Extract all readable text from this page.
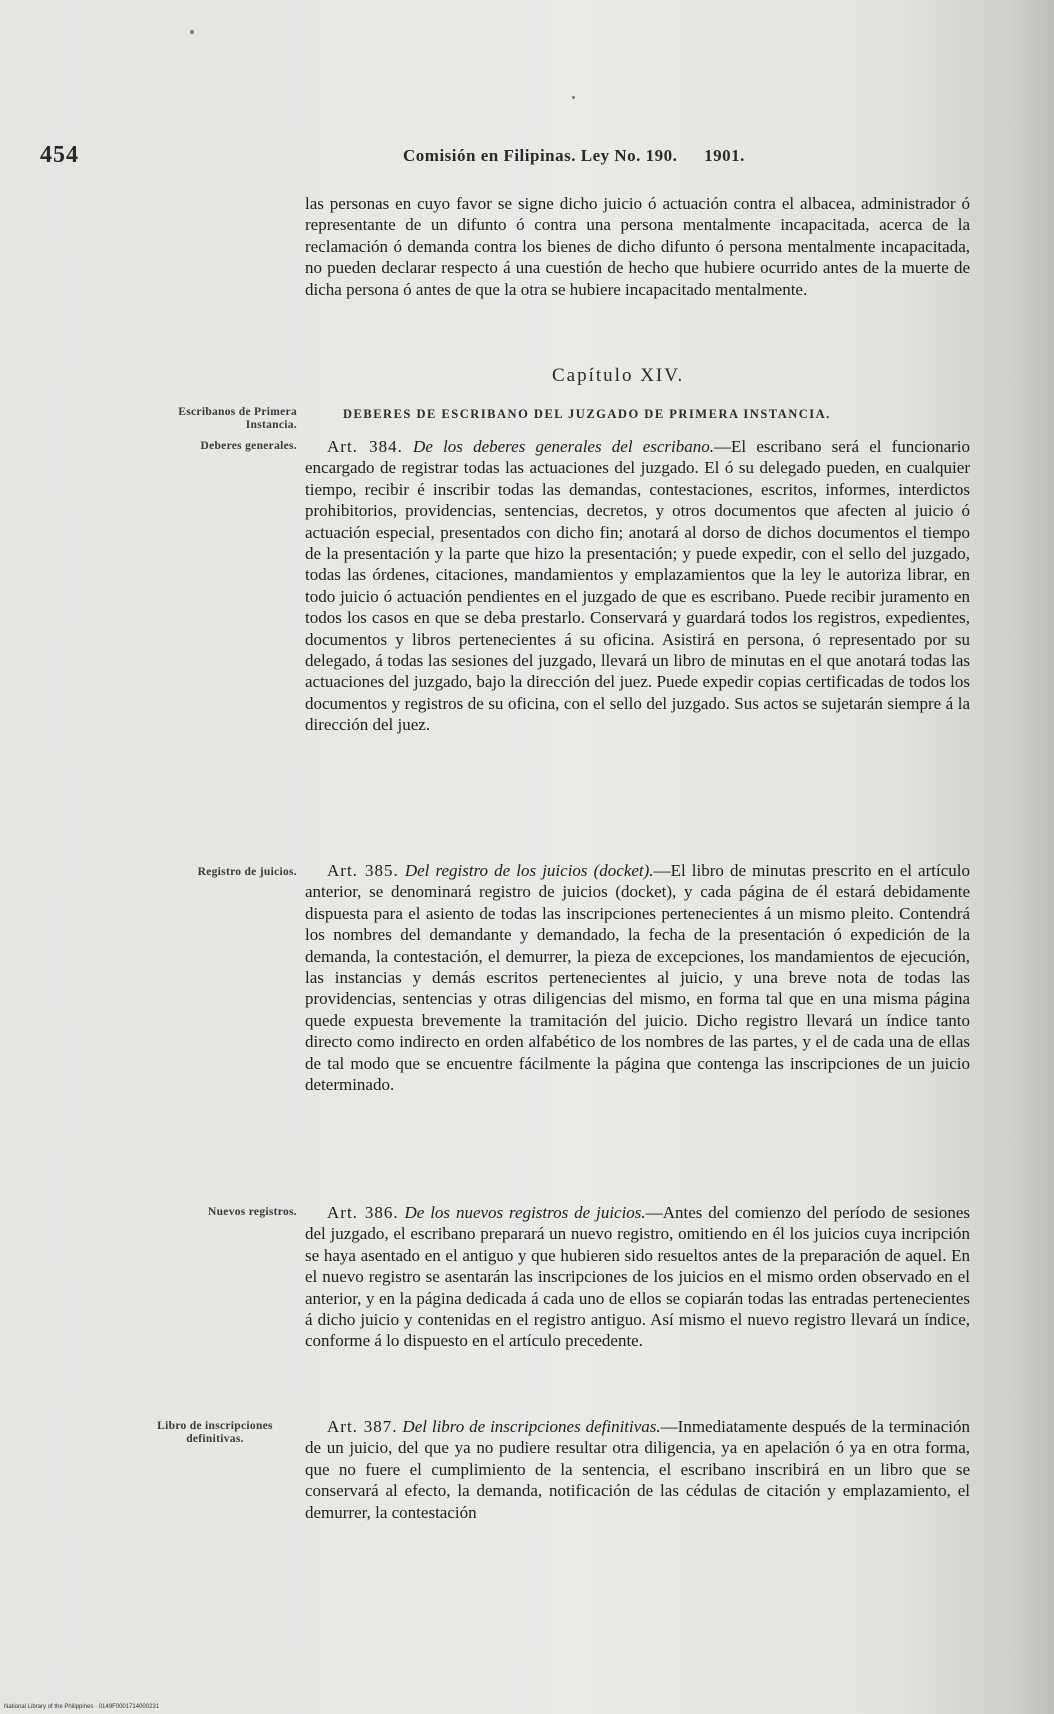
454	Comisión en Filipinas. Ley No. 190. 1901.
las personas en cuyo favor se signe dicho juicio ó actuación contra el albacea, administrador ó representante de un difunto ó contra una persona mentalmente incapacitada, acerca de la reclamación ó demanda contra los bienes de dicho difunto ó persona mentalmente incapacitada, no pueden declarar respecto á una cuestión de hecho que hubiere ocurrido antes de la muerte de dicha persona ó antes de que la otra se hubiere incapacitado mentalmente.
Capítulo XIV.
DEBERES DE ESCRIBANO DEL JUZGADO DE PRIMERA INSTANCIA.
Escribanos de Primera Instancia.
Deberes generales.
Registro de juicios.
Nuevos registros.
Libro de inscripciones definitivas.

Art. 384. De los deberes generales del escribano.—El escribano será el funcionario encargado de registrar todas las actuaciones del juzgado. El ó su delegado pueden, en cualquier tiempo, recibir é inscribir todas las demandas, contestaciones, escritos, informes, interdictos prohibitorios, providencias, sentencias, decretos, y otros documentos que afecten al juicio ó actuación especial, presentados con dicho fin; anotará al dorso de dichos documentos el tiempo de la presentación y la parte que hizo la presentación; y puede expedir, con el sello del juzgado, todas las órdenes, citaciones, mandamientos y emplazamientos que la ley le autoriza librar, en todo juicio ó actuación pendientes en el juzgado de que es escribano. Puede recibir juramento en todos los casos en que se deba prestarlo. Conservará y guardará todos los registros, expedientes, documentos y libros pertenecientes á su oficina. Asistirá en persona, ó representado por su delegado, á todas las sesiones del juzgado, llevará un libro de minutas en el que anotará todas las actuaciones del juzgado, bajo la dirección del juez. Puede expedir copias certificadas de todos los documentos y registros de su oficina, con el sello del juzgado. Sus actos se sujetarán siempre á la dirección del juez.

Art. 385. Del registro de los juicios (docket).—El libro de minutas prescrito en el artículo anterior, se denominará registro de juicios (docket), y cada página de él estará debidamente dispuesta para el asiento de todas las inscripciones pertenecientes á un mismo pleito. Contendrá los nombres del demandante y demandado, la fecha de la presentación ó expedición de la demanda, la contestación, el demurrer, la pieza de excepciones, los mandamientos de ejecución, las instancias y demás escritos pertenecientes al juicio, y una breve nota de todas las providencias, sentencias y otras diligencias del mismo, en forma tal que en una misma página quede expuesta brevemente la tramitación del juicio. Dicho registro llevará un índice tanto directo como indirecto en orden alfabético de los nombres de las partes, y el de cada una de ellas de tal modo que se encuentre fácilmente la página que contenga las inscripciones de un juicio determinado.

Art. 386. De los nuevos registros de juicios.—Antes del comienzo del período de sesiones del juzgado, el escribano preparará un nuevo registro, omitiendo en él los juicios cuya incripción se haya asentado en el antiguo y que hubieren sido resueltos antes de la preparación de aquel. En el nuevo registro se asentarán las inscripciones de los juicios en el mismo orden observado en el anterior, y en la página dedicada á cada uno de ellos se copiarán todas las entradas pertenecientes á dicho juicio y contenidas en el registro antiguo. Así mismo el nuevo registro llevará un índice, conforme á lo dispuesto en el artículo precedente.

Art. 387. Del libro de inscripciones definitivas.—Inmediatamente después de la terminación de un juicio, del que ya no pudiere resultar otra diligencia, ya en apelación ó ya en otra forma, que no fuere el cumplimiento de la sentencia, el escribano inscribirá en un libro que se conservará al efecto, la demanda, notificación de las cédulas de citación y emplazamiento, el demurrer, la contestación

National Library of the Philippines · 0149F0001714000231
